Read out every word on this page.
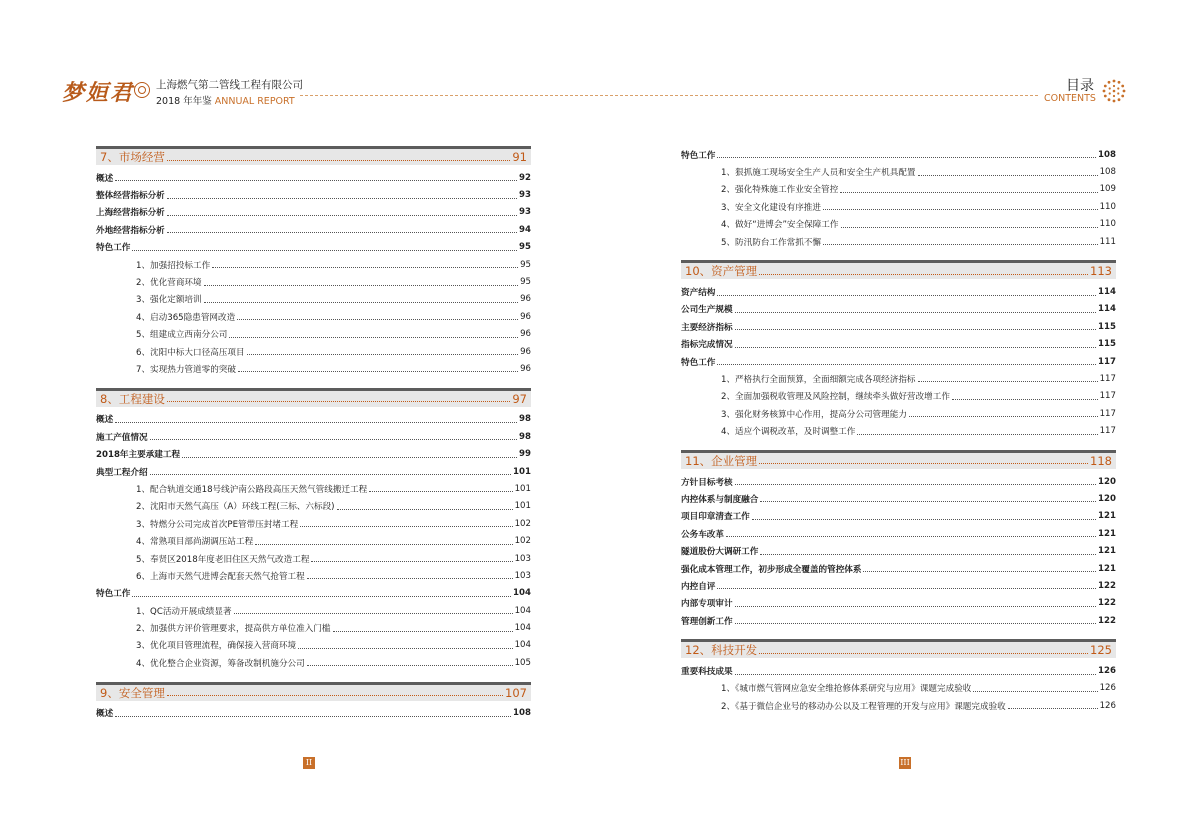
梦姮君 上海燃气第二管线工程有限公司
2018 年年鉴 ANNUAL REPORT
目录
CONTENTS
7、市场经营	91
概述	92
整体经营指标分析	93
上海经营指标分析	93
外地经营指标分析	94
特色工作	95
1、加强招投标工作	95
2、优化营商环境	95
3、强化定额培训	96
4、启动365隐患管网改造	96
5、组建成立西南分公司	96
6、沈阳中标大口径高压项目	96
7、实现热力管道零的突破	96
8、工程建设	97
概述	98
施工产值情况	98
2018年主要承建工程	99
典型工程介绍	101
1、配合轨道交通18号线沪南公路段高压天然气管线搬迁工程	101
2、沈阳市天然气高压（A）环线工程(三标、六标段)	101
3、特燃分公司完成首次PE管带压封堵工程	102
4、常熟项目部尚湖调压站工程	102
5、奉贤区2018年度老旧住区天然气改造工程	103
6、上海市天然气进博会配套天然气抢管工程	103
特色工作	104
1、QC活动开展成绩显著	104
2、加强供方评价管理要求，提高供方单位准入门槛	104
3、优化项目管理流程，确保接入营商环境	104
4、优化整合企业资源，筹备改制机施分公司	105
9、安全管理	107
概述	108
特色工作	108
1、狠抓施工现场安全生产人员和安全生产机具配置	108
2、强化特殊施工作业安全管控	109
3、安全文化建设有序推进	110
4、做好“进博会”安全保障工作	110
5、防汛防台工作常抓不懈	111
10、资产管理	113
资产结构	114
公司生产规模	114
主要经济指标	115
指标完成情况	115
特色工作	117
1、严格执行全面预算，全面细额完成各项经济指标	117
2、全面加强税收管理及风险控制，继续牵头做好营改增工作	117
3、强化财务核算中心作用，提高分公司管理能力	117
4、适应个调税改革，及时调整工作	117
11、企业管理	118
方针目标考核	120
内控体系与制度融合	120
项目印章清查工作	121
公务车改革	121
隧道股份大调研工作	121
强化成本管理工作，初步形成全覆盖的管控体系	121
内控自评	122
内部专项审计	122
管理创新工作	122
12、科技开发	125
重要科技成果	126
1、《城市燃气管网应急安全维抢修体系研究与应用》课题完成验收	126
2、《基于微信企业号的移动办公以及工程管理的开发与应用》课题完成验收	126
II	III
